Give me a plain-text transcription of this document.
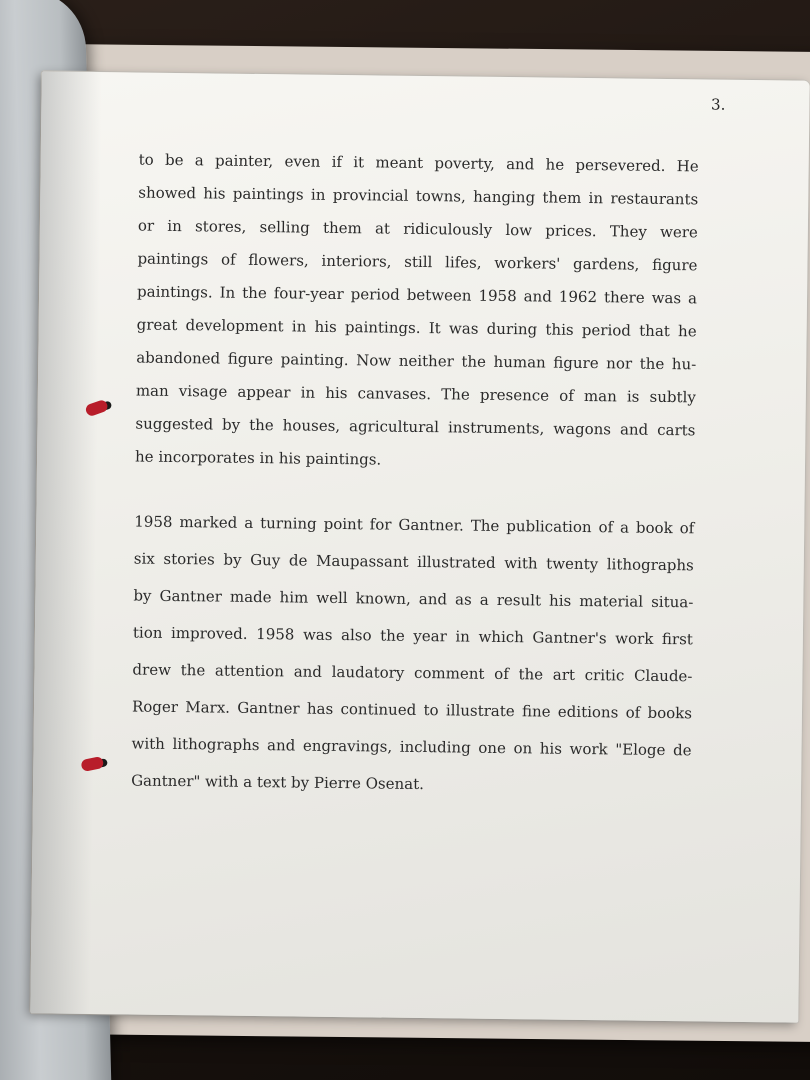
3.
to be a painter, even if it meant poverty, and he persevered. He
showed his paintings in provincial towns, hanging them in restaurants
or in stores, selling them at ridiculously low prices. They were
paintings of flowers, interiors, still lifes, workers' gardens, figure
paintings. In the four-year period between 1958 and 1962 there was a
great development in his paintings. It was during this period that he
abandoned figure painting. Now neither the human figure nor the hu-
man visage appear in his canvases. The presence of man is subtly
suggested by the houses, agricultural instruments, wagons and carts
he incorporates in his paintings.
1958 marked a turning point for Gantner. The publication of a book of
six stories by Guy de Maupassant illustrated with twenty lithographs
by Gantner made him well known, and as a result his material situa-
tion improved. 1958 was also the year in which Gantner's work first
drew the attention and laudatory comment of the art critic Claude-
Roger Marx. Gantner has continued to illustrate fine editions of books
with lithographs and engravings, including one on his work "Eloge de
Gantner" with a text by Pierre Osenat.
